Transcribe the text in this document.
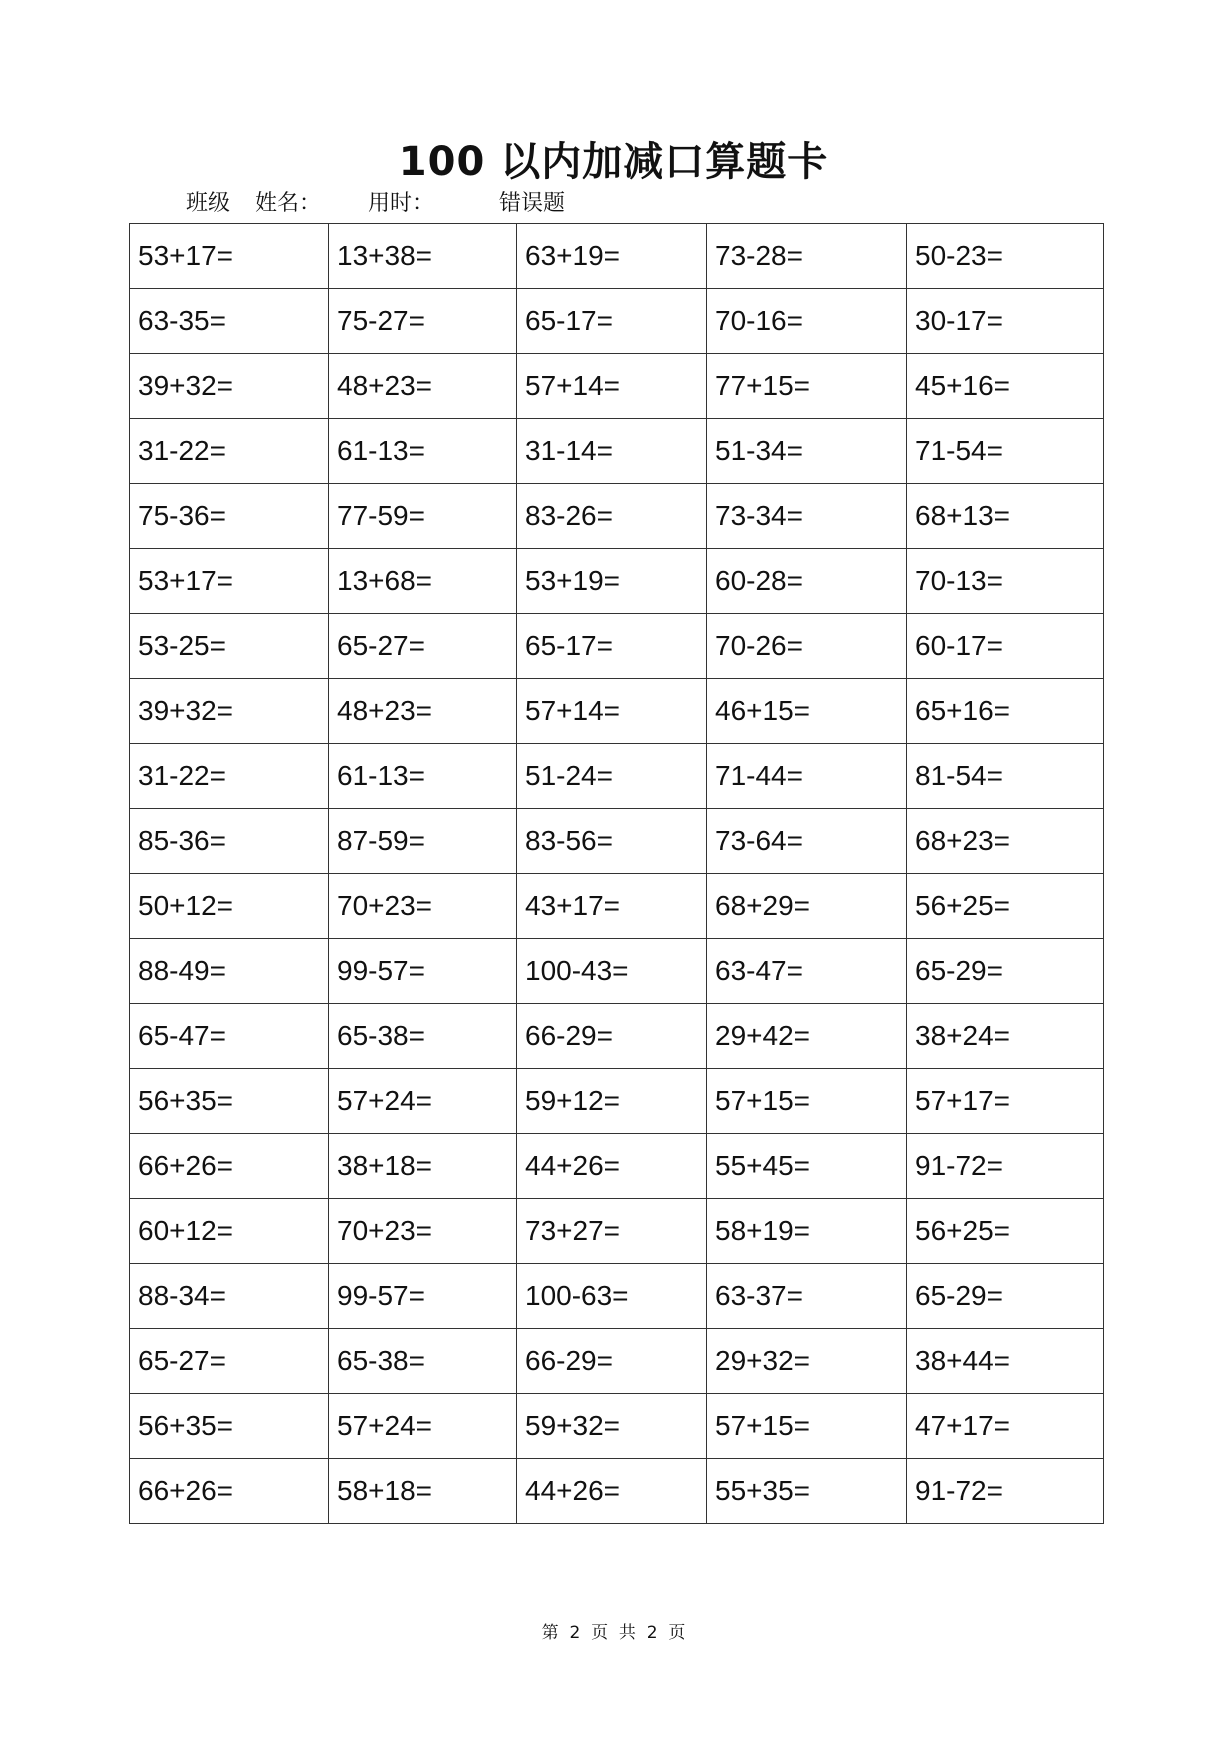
100 以内加减口算题卡
班级 姓名： 用时：	错误题
53+17=	13+38=	63+19=	73-28=	50-23=
63-35=	75-27=	65-17=	70-16=	30-17=
39+32=	48+23=	57+14=	77+15=	45+16=
31-22=	61-13=	31-14=	51-34=	71-54=
75-36=	77-59=	83-26=	73-34=	68+13=
53+17=	13+68=	53+19=	60-28=	70-13=
53-25=	65-27=	65-17=	70-26=	60-17=
39+32=	48+23=	57+14=	46+15=	65+16=
31-22=	61-13=	51-24=	71-44=	81-54=
85-36=	87-59=	83-56=	73-64=	68+23=
50+12=	70+23=	43+17=	68+29=	56+25=
88-49=	99-57=	100-43=	63-47=	65-29=
65-47=	65-38=	66-29=	29+42=	38+24=
56+35=	57+24=	59+12=	57+15=	57+17=
66+26=	38+18=	44+26=	55+45=	91-72=
60+12=	70+23=	73+27=	58+19=	56+25=
88-34=	99-57=	100-63=	63-37=	65-29=
65-27=	65-38=	66-29=	29+32=	38+44=
56+35=	57+24=	59+32=	57+15=	47+17=
66+26=	58+18=	44+26=	55+35=	91-72=
第  2  页  共  2  页
